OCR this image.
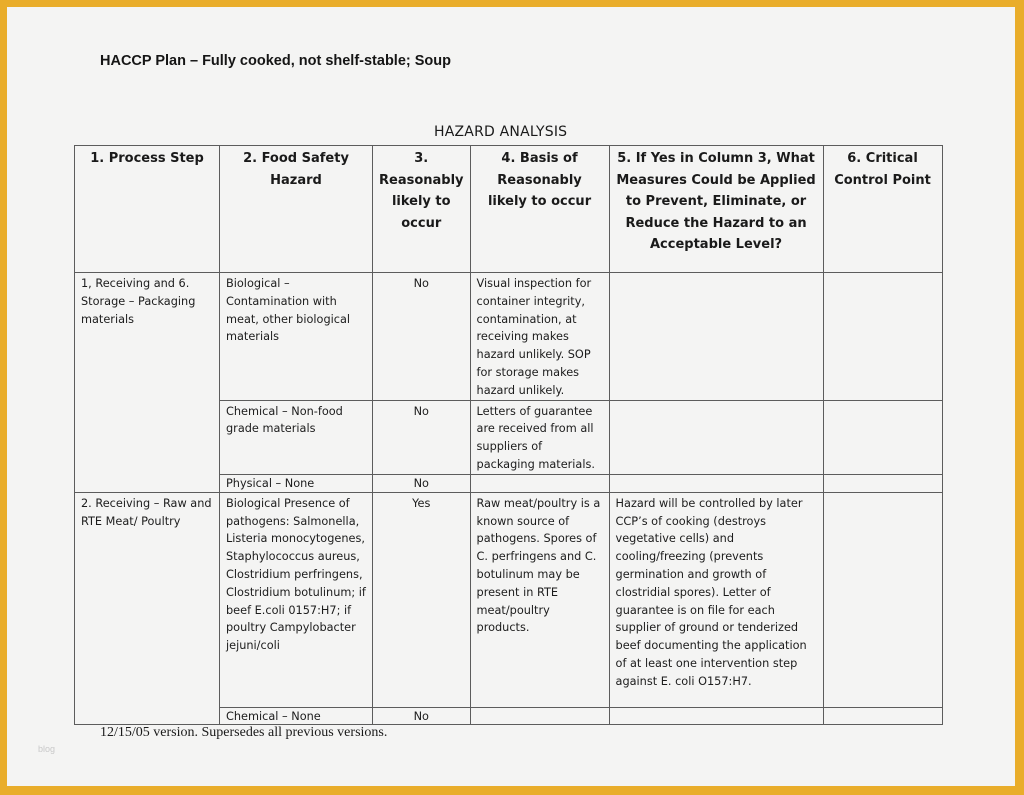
HACCP Plan – Fully cooked, not shelf-stable; Soup
HAZARD ANALYSIS
1. Process Step	2. Food Safety Hazard	3. Reasonably likely to occur	4. Basis of Reasonably likely to occur	5. If Yes in Column 3, What Measures Could be Applied to Prevent, Eliminate, or Reduce the Hazard to an Acceptable Level?	6. Critical Control Point
1, Receiving and 6. Storage – Packaging materials	Biological – Contamination with meat, other biological materials	No	Visual inspection for container integrity, contamination, at receiving makes hazard unlikely. SOP for storage makes hazard unlikely.		
	Chemical – Non-food grade materials	No	Letters of guarantee are received from all suppliers of packaging materials.		
	Physical – None	No			
2. Receiving – Raw and RTE Meat/ Poultry	Biological Presence of pathogens: Salmonella, Listeria monocytogenes, Staphylococcus aureus, Clostridium perfringens, Clostridium botulinum; if beef E.coli 0157:H7; if poultry Campylobacter jejuni/coli	Yes	Raw meat/poultry is a known source of pathogens. Spores of C. perfringens and C. botulinum may be present in RTE meat/poultry products.	Hazard will be controlled by later CCP’s of cooking (destroys vegetative cells) and cooling/freezing (prevents germination and growth of clostridial spores). Letter of guarantee is on file for each supplier of ground or tenderized beef documenting the application of at least one intervention step against E. coli O157:H7.	
	Chemical – None	No			
12/15/05 version. Supersedes all previous versions.
blog
